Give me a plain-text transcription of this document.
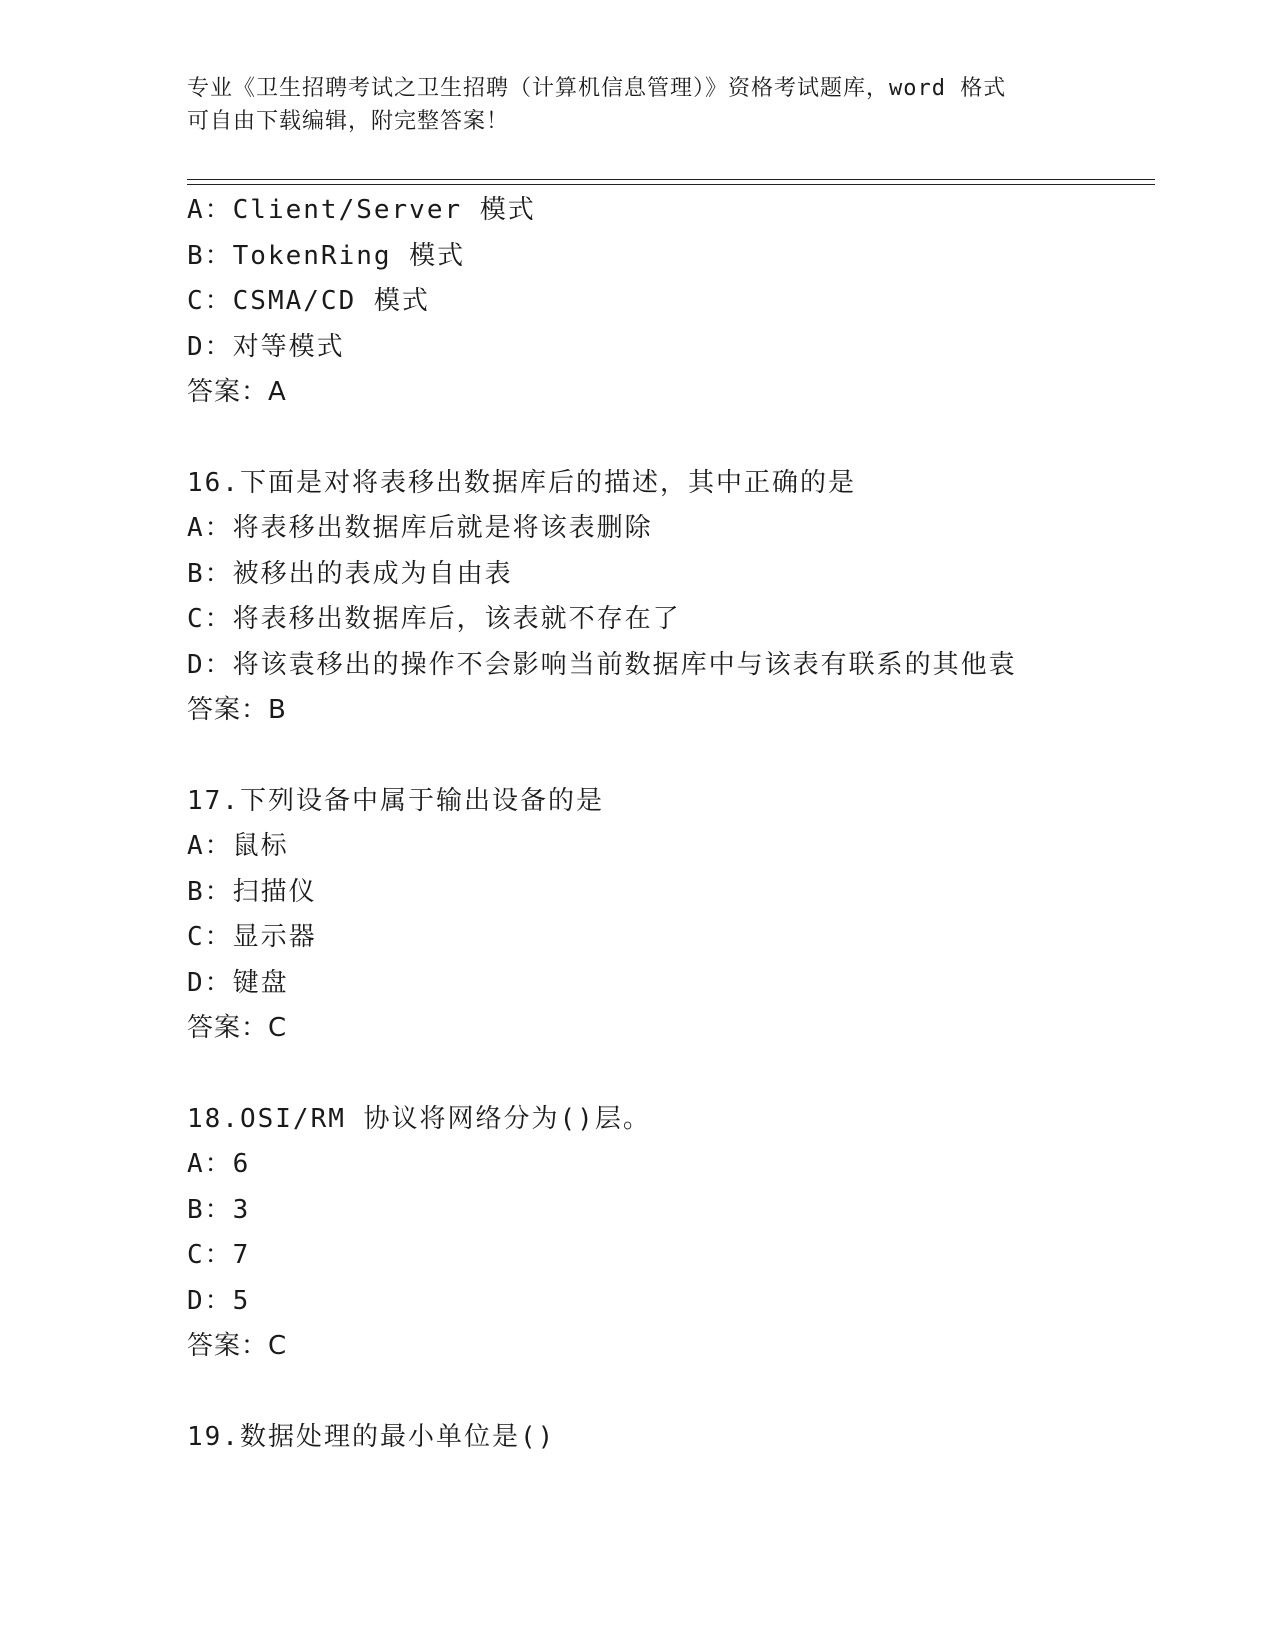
专业《卫生招聘考试之卫生招聘（计算机信息管理）》资格考试题库，word 格式
可自由下载编辑，附完整答案！
A：Client/Server 模式
B：TokenRing 模式
C：CSMA/CD 模式
D：对等模式
答案：A
16.下面是对将表移出数据库后的描述，其中正确的是
A：将表移出数据库后就是将该表删除
B：被移出的表成为自由表
C：将表移出数据库后，该表就不存在了
D：将该袁移出的操作不会影响当前数据库中与该表有联系的其他袁
答案：B
17.下列设备中属于输出设备的是
A：鼠标
B：扫描仪
C：显示器
D：键盘
答案：C
18.OSI/RM 协议将网络分为()层。
A：6
B：3
C：7
D：5
答案：C
19.数据处理的最小单位是()
